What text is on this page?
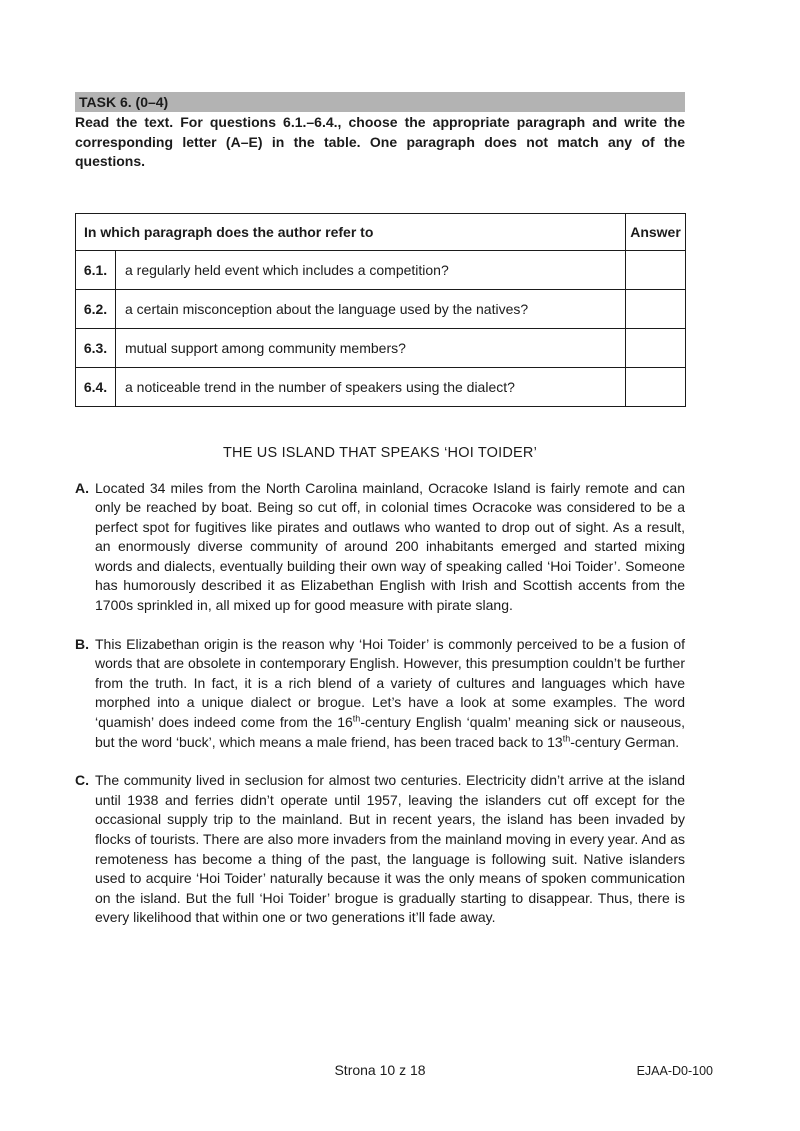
TASK 6. (0–4)
Read the text. For questions 6.1.–6.4., choose the appropriate paragraph and write the corresponding letter (A–E) in the table. One paragraph does not match any of the questions.
In which paragraph does the author refer to		Answer
6.1.	a regularly held event which includes a competition?	
6.2.	a certain misconception about the language used by the natives?	
6.3.	mutual support among community members?	
6.4.	a noticeable trend in the number of speakers using the dialect?	
THE US ISLAND THAT SPEAKS ‘HOI TOIDER’
A. Located 34 miles from the North Carolina mainland, Ocracoke Island is fairly remote and can only be reached by boat. Being so cut off, in colonial times Ocracoke was considered to be a perfect spot for fugitives like pirates and outlaws who wanted to drop out of sight. As a result, an enormously diverse community of around 200 inhabitants emerged and started mixing words and dialects, eventually building their own way of speaking called ‘Hoi Toider’. Someone has humorously described it as Elizabethan English with Irish and Scottish accents from the 1700s sprinkled in, all mixed up for good measure with pirate slang.
B. This Elizabethan origin is the reason why ‘Hoi Toider’ is commonly perceived to be a fusion of words that are obsolete in contemporary English. However, this presumption couldn’t be further from the truth. In fact, it is a rich blend of a variety of cultures and languages which have morphed into a unique dialect or brogue. Let’s have a look at some examples. The word ‘quamish’ does indeed come from the 16th-century English ‘qualm’ meaning sick or nauseous, but the word ‘buck’, which means a male friend, has been traced back to 13th-century German.
C. The community lived in seclusion for almost two centuries. Electricity didn’t arrive at the island until 1938 and ferries didn’t operate until 1957, leaving the islanders cut off except for the occasional supply trip to the mainland. But in recent years, the island has been invaded by flocks of tourists. There are also more invaders from the mainland moving in every year. And as remoteness has become a thing of the past, the language is following suit. Native islanders used to acquire ‘Hoi Toider’ naturally because it was the only means of spoken communication on the island. But the full ‘Hoi Toider’ brogue is gradually starting to disappear. Thus, there is every likelihood that within one or two generations it’ll fade away.
Strona 10 z 18	EJAA-D0-100
